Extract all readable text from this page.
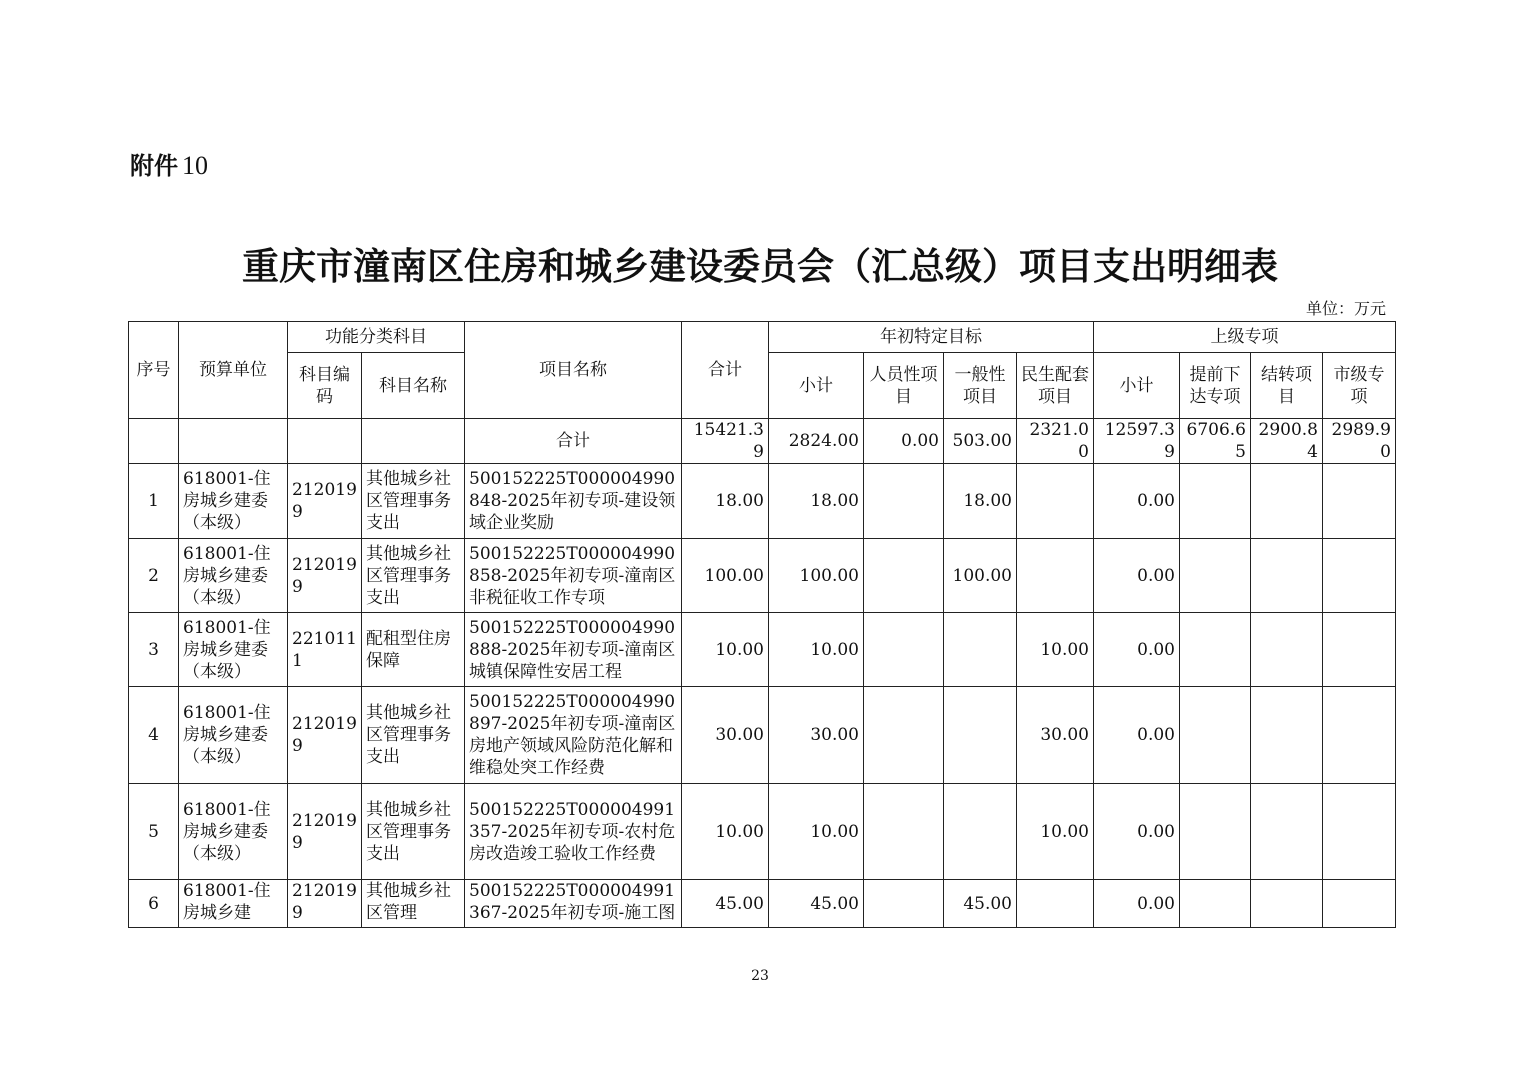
附件 10
重庆市潼南区住房和城乡建设委员会（汇总级）项目支出明细表
单位：万元
序号	预算单位	功能分类科目		项目名称	合计	年初特定目标				上级专项			
		科目编码	科目名称			小计	人员性项目	一般性项目	民生配套项目	小计	提前下达专项	结转项目	市级专项
				合计	15421.39	2824.00	0.00	503.00	2321.00	12597.39	6706.65	2900.84	2989.90
1	618001-住房城乡建委（本级）	2120199	其他城乡社区管理事务支出	500152225T000004990848-2025年初专项-建设领域企业奖励	18.00	18.00		18.00		0.00			
2	618001-住房城乡建委（本级）	2120199	其他城乡社区管理事务支出	500152225T000004990858-2025年初专项-潼南区非税征收工作专项	100.00	100.00		100.00		0.00			
3	618001-住房城乡建委（本级）	2210111	配租型住房保障	500152225T000004990888-2025年初专项-潼南区城镇保障性安居工程	10.00	10.00			10.00	0.00			
4	618001-住房城乡建委（本级）	2120199	其他城乡社区管理事务支出	500152225T000004990897-2025年初专项-潼南区房地产领域风险防范化解和维稳处突工作经费	30.00	30.00			30.00	0.00			
5	618001-住房城乡建委（本级）	2120199	其他城乡社区管理事务支出	500152225T000004991357-2025年初专项-农村危房改造竣工验收工作经费	10.00	10.00			10.00	0.00			
6	618001-住房城乡建	2120199	其他城乡社区管理	500152225T000004991367-2025年初专项-施工图	45.00	45.00		45.00		0.00			
23
